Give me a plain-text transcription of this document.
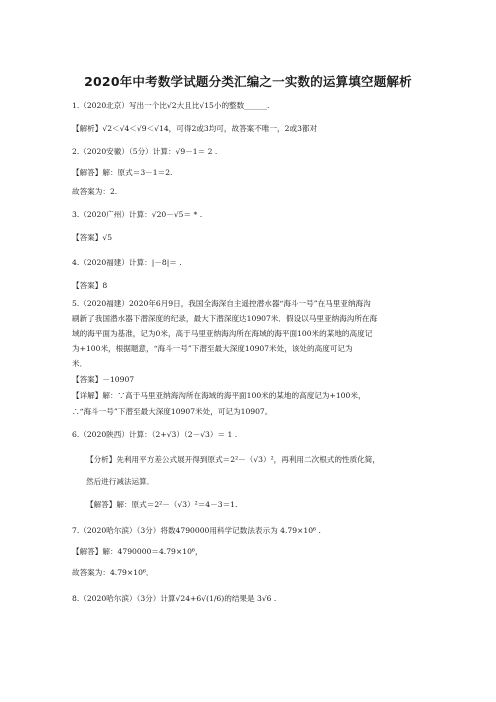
2020年中考数学试题分类汇编之一实数的运算填空题解析
1.（2020北京）写出一个比√2大且比√15小的整数______.
【解析】√2＜√4＜√9＜√14，可得2或3均可，故答案不唯一，2或3都对
2.（2020安徽）（5分）计算：√9－1＝ 2 .
【解答】解：原式＝3－1＝2.
故答案为：2.
3.（2020广州）计算：√20－√5＝ * .
【答案】√5
4.（2020福建）计算：|－8|＝ .
【答案】8
5.（2020福建）2020年6月9日，我国全海深自主遥控潜水器“海斗一号”在马里亚纳海沟
刷新了我国潜水器下潜深度的纪录，最大下潜深度达10907米．假设以马里亚纳海沟所在海
域的海平面为基准，记为0米，高于马里亚纳海沟所在海域的海平面100米的某地的高度记
为+100米，根据题意，“海斗一号”下潜至最大深度10907米处，该处的高度可记为
米．
【答案】－10907
【详解】解：∵高于马里亚纳海沟所在海域的海平面100米的某地的高度记为+100米，
∴“海斗一号”下潜至最大深度10907米处，可记为10907。
6.（2020陕西）计算：（2+√3）（2－√3）＝ 1 .
【分析】先利用平方差公式展开得到原式＝2²－（√3）²，再利用二次根式的性质化简，
然后进行减法运算．
【解答】解：原式＝2²－（√3）²＝4－3＝1.
7.（2020哈尔滨）（3分）将数4790000用科学记数法表示为 4.79×10⁶ .
【解答】解：4790000＝4.79×10⁶，
故答案为：4.79×10⁶．
8.（2020哈尔滨）（3分）计算√24+6√(1/6)的结果是 3√6 .
